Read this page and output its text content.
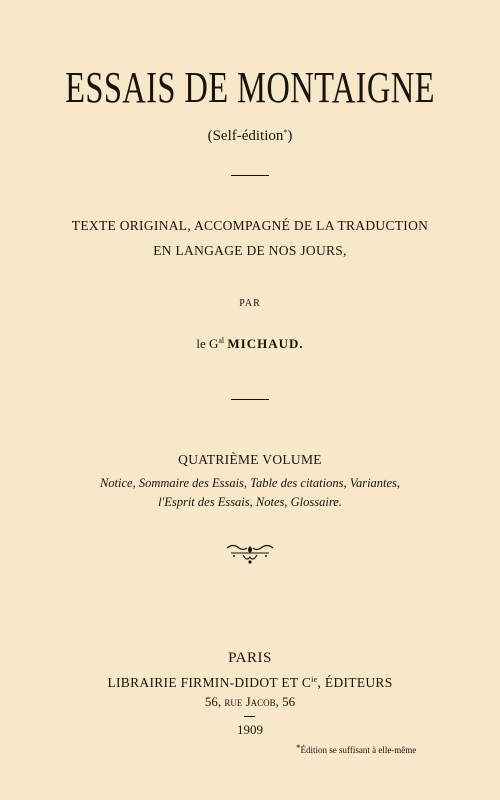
ESSAIS DE MONTAIGNE
(Self-édition*)
TEXTE ORIGINAL, ACCOMPAGNÉ DE LA TRADUCTION
EN LANGAGE DE NOS JOURS,
PAR
le $G^{al}$ MICHAUD.
QUATRIÈME VOLUME
Notice, Sommaire des Essais, Table des citations, Variantes,
l'Esprit des Essais, Notes, Glossaire.
PARIS
LIBRAIRIE FIRMIN-DIDOT ET $C^{ie}$, ÉDITEURS
56, rue Jacob, 56
1909
*Édition se suffisant à elle-même
